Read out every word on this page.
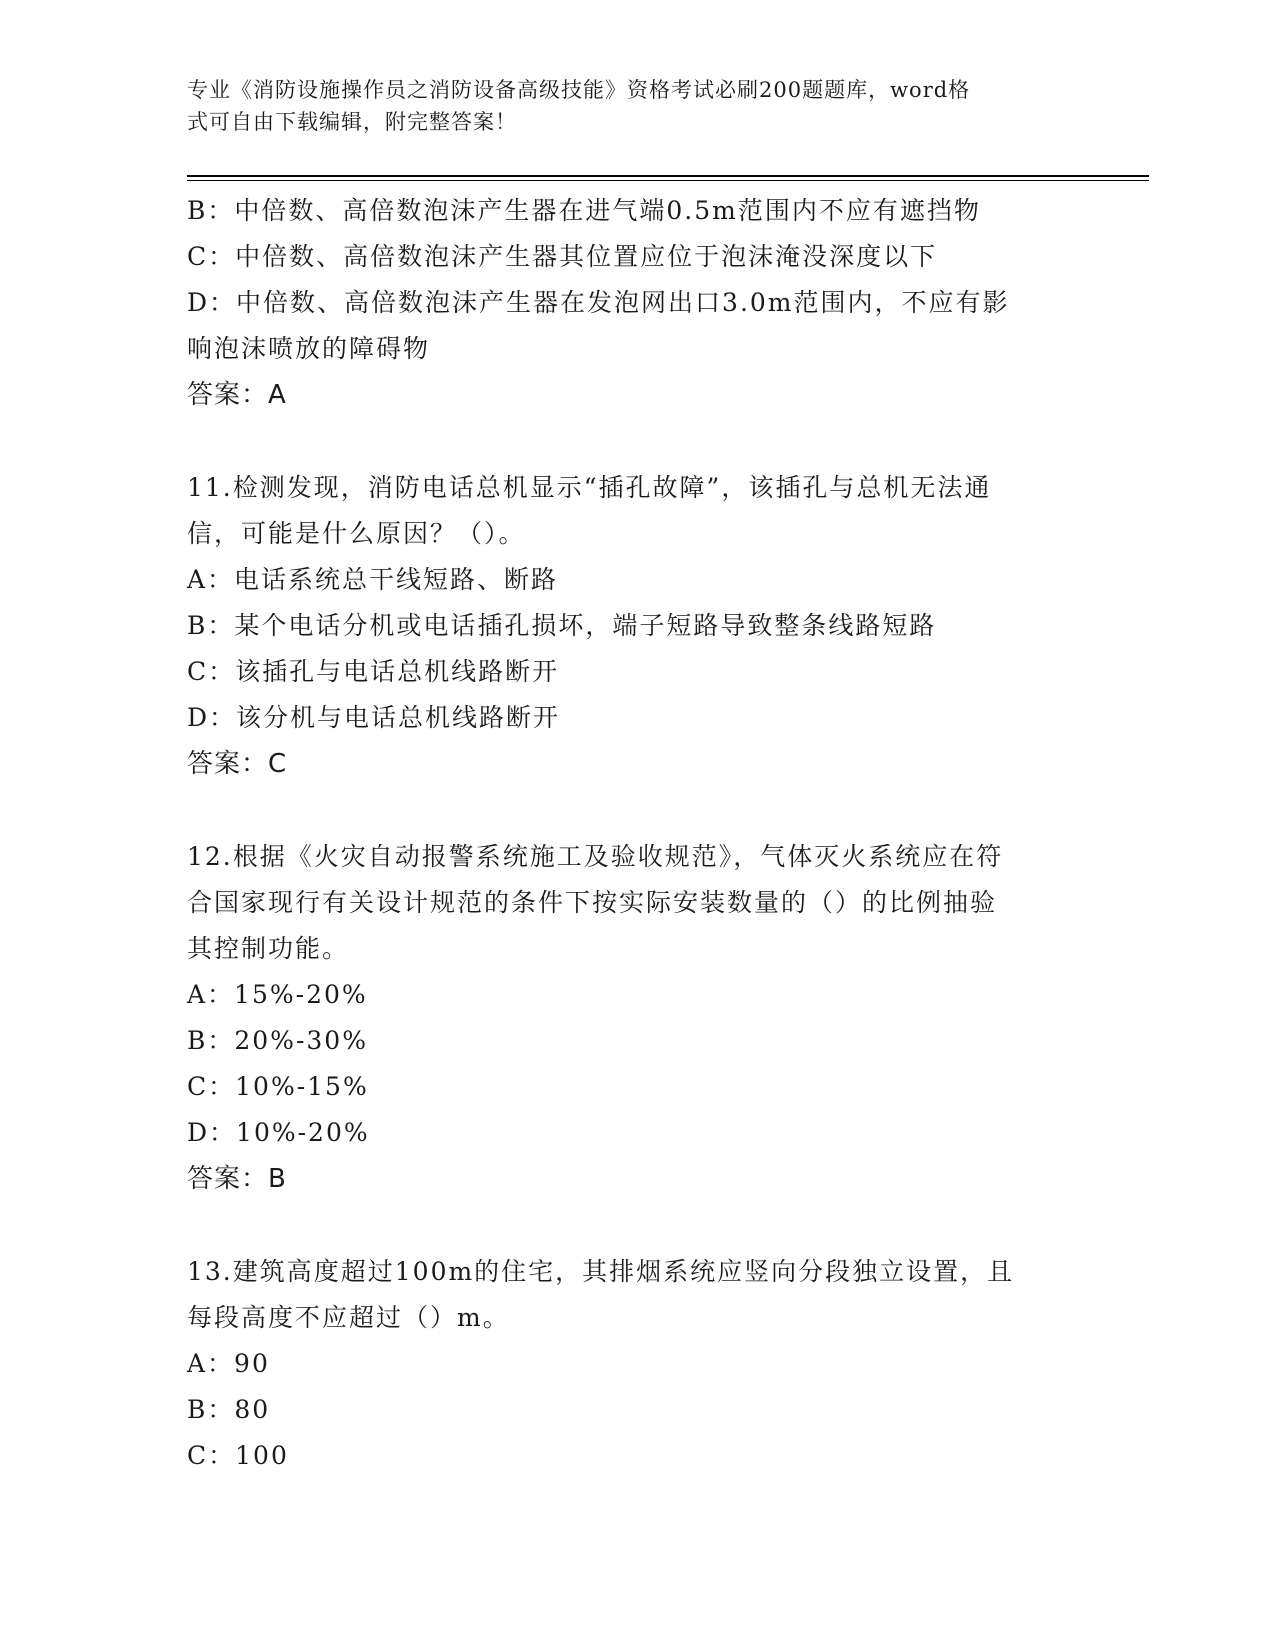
专业《消防设施操作员之消防设备高级技能》资格考试必刷200题题库，word格
式可自由下载编辑，附完整答案！
B：中倍数、高倍数泡沫产生器在进气端0.5m范围内不应有遮挡物
C：中倍数、高倍数泡沫产生器其位置应位于泡沫淹没深度以下
D：中倍数、高倍数泡沫产生器在发泡网出口3.0m范围内，不应有影
响泡沫喷放的障碍物
答案：A
11.检测发现，消防电话总机显示“插孔故障”，该插孔与总机无法通
信，可能是什么原因？（）。
A：电话系统总干线短路、断路
B：某个电话分机或电话插孔损坏，端子短路导致整条线路短路
C：该插孔与电话总机线路断开
D：该分机与电话总机线路断开
答案：C
12.根据《火灾自动报警系统施工及验收规范》，气体灭火系统应在符
合国家现行有关设计规范的条件下按实际安装数量的（）的比例抽验
其控制功能。
A：15%-20%
B：20%-30%
C：10%-15%
D：10%-20%
答案：B
13.建筑高度超过100m的住宅，其排烟系统应竖向分段独立设置，且
每段高度不应超过（）m。
A：90
B：80
C：100
